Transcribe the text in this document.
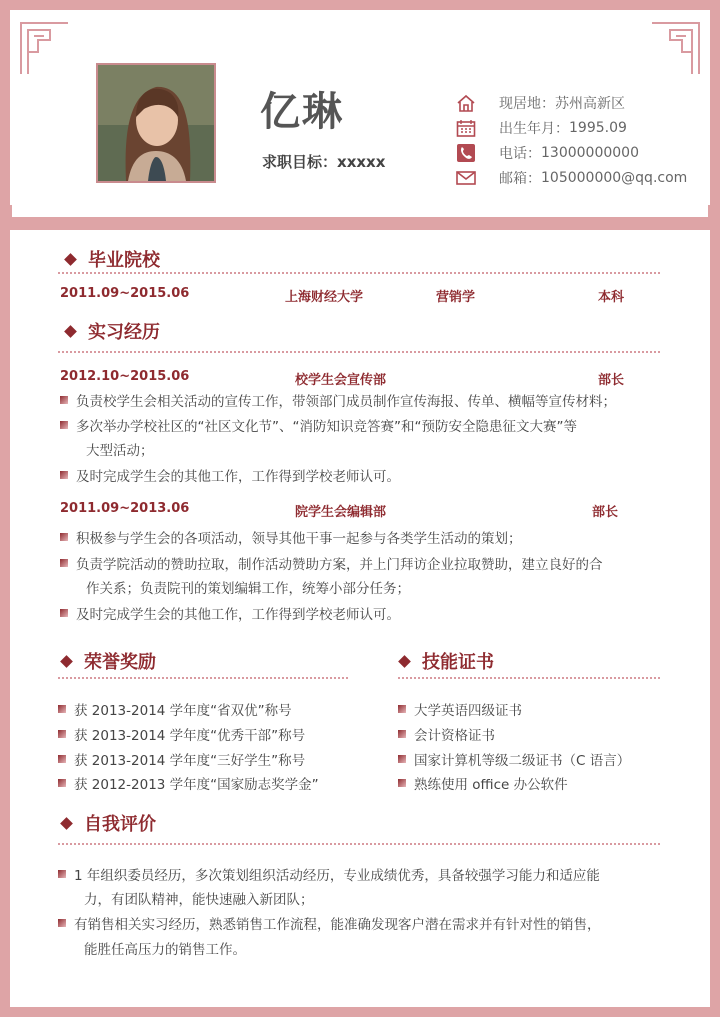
亿琳
求职目标：xxxxx
现居地： 苏州高新区
出生年月： 1995.09
电话： 13000000000
邮箱： 105000000@qq.com
毕业院校
2011.09~2015.06	上海财经大学	营销学	本科
实习经历
2012.10~2015.06	校学生会宣传部	部长
负责校学生会相关活动的宣传工作，带领部门成员制作宣传海报、传单、横幅等宣传材料；
多次举办学校社区的“社区文化节”、“消防知识竞答赛”和“预防安全隐患征文大赛”等
大型活动；
及时完成学生会的其他工作，工作得到学校老师认可。
2011.09~2013.06	院学生会编辑部	部长
积极参与学生会的各项活动，领导其他干事一起参与各类学生活动的策划；
负责学院活动的赞助拉取，制作活动赞助方案，并上门拜访企业拉取赞助，建立良好的合
作关系；负责院刊的策划编辑工作，统筹小部分任务；
及时完成学生会的其他工作，工作得到学校老师认可。
荣誉奖励
获 2013-2014 学年度“省双优”称号
获 2013-2014 学年度“优秀干部”称号
获 2013-2014 学年度“三好学生”称号
获 2012-2013 学年度“国家励志奖学金”
技能证书
大学英语四级证书
会计资格证书
国家计算机等级二级证书（C 语言）
熟练使用 office 办公软件
自我评价
1 年组织委员经历，多次策划组织活动经历，专业成绩优秀，具备较强学习能力和适应能
力，有团队精神，能快速融入新团队；
有销售相关实习经历，熟悉销售工作流程，能准确发现客户潜在需求并有针对性的销售，
能胜任高压力的销售工作。
